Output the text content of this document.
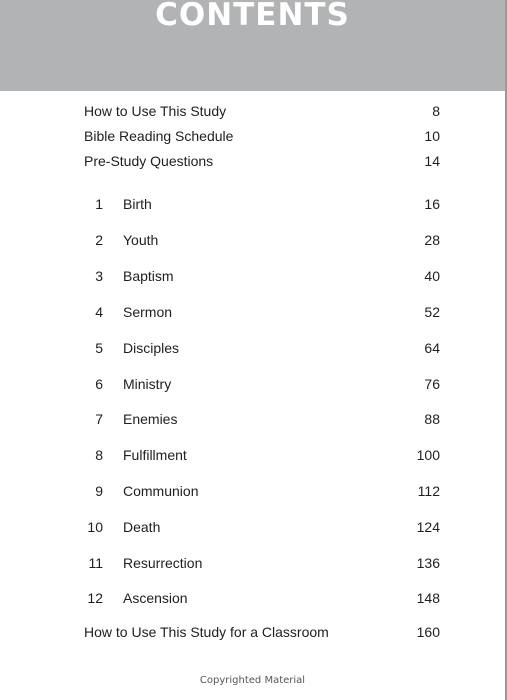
CONTENTS
How to Use This Study	8
Bible Reading Schedule	10
Pre-Study Questions	14
1 Birth	16
2 Youth	28
3 Baptism	40
4 Sermon	52
5 Disciples	64
6 Ministry	76
7 Enemies	88
8 Fulfillment	100
9 Communion	112
10 Death	124
11 Resurrection	136
12 Ascension	148
How to Use This Study for a Classroom	160
Copyrighted Material
